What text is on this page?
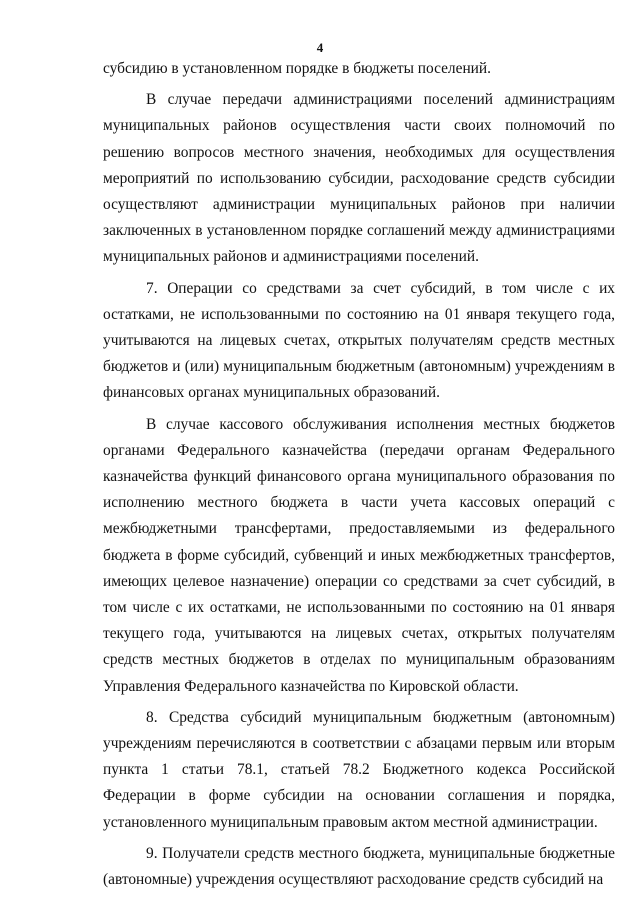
4

субсидию в установленном порядке в бюджеты поселений.

В случае передачи администрациями поселений администрациям муниципальных районов осуществления части своих полномочий по решению вопросов местного значения, необходимых для осуществления мероприятий по использованию субсидии, расходование средств субсидии осуществляют администрации муниципальных районов при наличии заключенных в установленном порядке соглашений между администрациями муниципальных районов и администрациями поселений.

7. Операции со средствами за счет субсидий, в том числе с их остатками, не использованными по состоянию на 01 января текущего года, учитываются на лицевых счетах, открытых получателям средств местных бюджетов и (или) муниципальным бюджетным (автономным) учреждениям в финансовых органах муниципальных образований.

В случае кассового обслуживания исполнения местных бюджетов органами Федерального казначейства (передачи органам Федерального казначейства функций финансового органа муниципального образования по исполнению местного бюджета в части учета кассовых операций с межбюджетными трансфертами, предоставляемыми из федерального бюджета в форме субсидий, субвенций и иных межбюджетных трансфертов, имеющих целевое назначение) операции со средствами за счет субсидий, в том числе с их остатками, не использованными по состоянию на 01 января текущего года, учитываются на лицевых счетах, открытых получателям средств местных бюджетов в отделах по муниципальным образованиям Управления Федерального казначейства по Кировской области.

8. Средства субсидий муниципальным бюджетным (автономным) учреждениям перечисляются в соответствии с абзацами первым или вторым пункта 1 статьи 78.1, статьей 78.2 Бюджетного кодекса Российской Федерации в форме субсидии на основании соглашения и порядка, установленного муниципальным правовым актом местной администрации.

9. Получатели средств местного бюджета, муниципальные бюджетные (автономные) учреждения осуществляют расходование средств субсидий на
